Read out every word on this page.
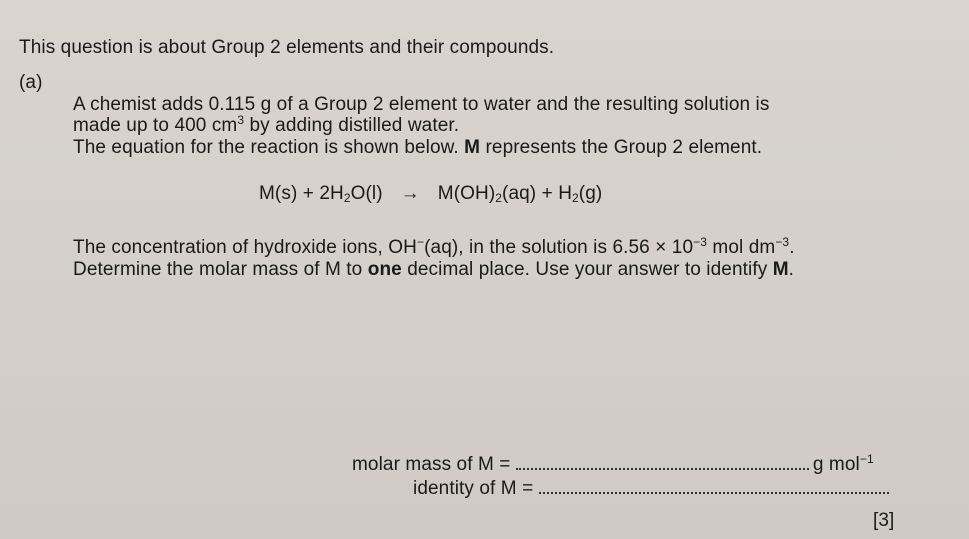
This question is about Group 2 elements and their compounds.
(a)
A chemist adds 0.115 g of a Group 2 element to water and the resulting solution is
made up to 400 $cm^3$ by adding distilled water.
The equation for the reaction is shown below. M represents the Group 2 element.
$M(s) + 2H_2O(l) \to M(OH)_2(aq) + H_2(g)$
The concentration of hydroxide ions, OH−(aq), in the solution is $6.56 \times 10^{-3}$ mol $dm^{-3}$.
Determine the molar mass of M to one decimal place. Use your answer to identify M.
molar mass of M =	g mol$^{-1}$
identity of M =
[3]
